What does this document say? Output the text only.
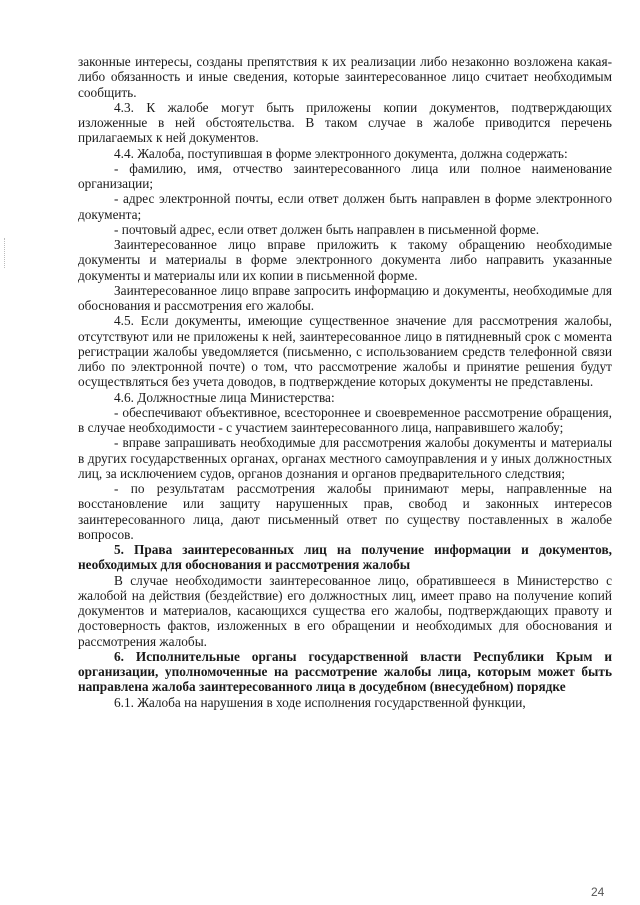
законные интересы, созданы препятствия к их реализации либо незаконно возложена какая-либо обязанность и иные сведения, которые заинтересованное лицо считает необходимым сообщить.

4.3. К жалобе могут быть приложены копии документов, подтверждающих изложенные в ней обстоятельства. В таком случае в жалобе приводится перечень прилагаемых к ней документов.

4.4. Жалоба, поступившая в форме электронного документа, должна содержать:

- фамилию, имя, отчество заинтересованного лица или полное наименование организации;

- адрес электронной почты, если ответ должен быть направлен в форме электронного документа;

- почтовый адрес, если ответ должен быть направлен в письменной форме.

Заинтересованное лицо вправе приложить к такому обращению необходимые документы и материалы в форме электронного документа либо направить указанные документы и материалы или их копии в письменной форме.

Заинтересованное лицо вправе запросить информацию и документы, необходимые для обоснования и рассмотрения его жалобы.

4.5. Если документы, имеющие существенное значение для рассмотрения жалобы, отсутствуют или не приложены к ней, заинтересованное лицо в пятидневный срок с момента регистрации жалобы уведомляется (письменно, с использованием средств телефонной связи либо по электронной почте) о том, что рассмотрение жалобы и принятие решения будут осуществляться без учета доводов, в подтверждение которых документы не представлены.

4.6. Должностные лица Министерства:

- обеспечивают объективное, всестороннее и своевременное рассмотрение обращения, в случае необходимости - с участием заинтересованного лица, направившего жалобу;

- вправе запрашивать необходимые для рассмотрения жалобы документы и материалы в других государственных органах, органах местного самоуправления и у иных должностных лиц, за исключением судов, органов дознания и органов предварительного следствия;

- по результатам рассмотрения жалобы принимают меры, направленные на восстановление или защиту нарушенных прав, свобод и законных интересов заинтересованного лица, дают письменный ответ по существу поставленных в жалобе вопросов.

5. Права заинтересованных лиц на получение информации и документов, необходимых для обоснования и рассмотрения жалобы

В случае необходимости заинтересованное лицо, обратившееся в Министерство с жалобой на действия (бездействие) его должностных лиц, имеет право на получение копий документов и материалов, касающихся существа его жалобы, подтверждающих правоту и достоверность фактов, изложенных в его обращении и необходимых для обоснования и рассмотрения жалобы.

6. Исполнительные органы государственной власти Республики Крым и организации, уполномоченные на рассмотрение жалобы лица, которым может быть направлена жалоба заинтересованного лица в досудебном (внесудебном) порядке

6.1. Жалоба на нарушения в ходе исполнения государственной функции,

24
